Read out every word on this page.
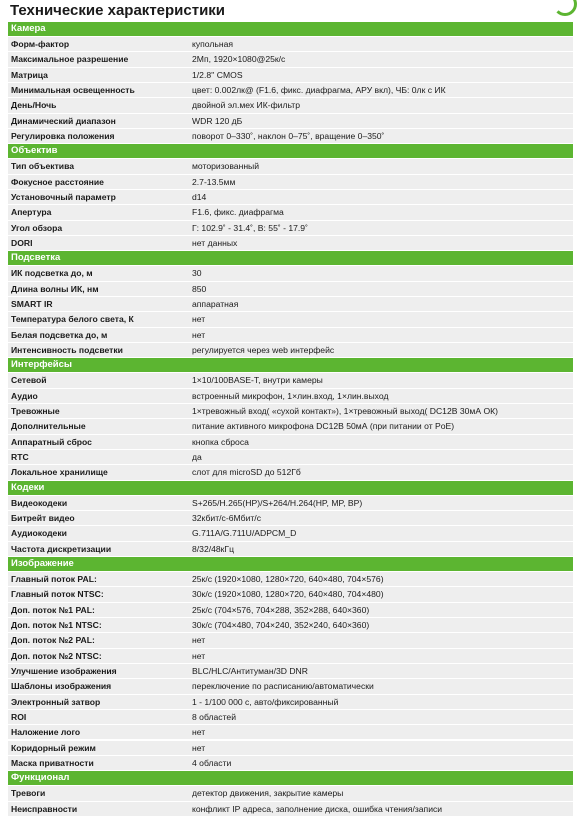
Технические характеристики
Камера
Форм-фактор	купольная
Максимальное разрешение	2Мп, 1920×1080@25к/с
Матрица	1/2.8'' CMOS
Минимальная освещенность	цвет: 0.002лк@ (F1.6, фикс. диафрагма, АРУ вкл), ЧБ: 0лк с ИК
День/Ночь	двойной эл.мех ИК-фильтр
Динамический диапазон	WDR 120 дБ
Регулировка положения	поворот 0–330˚, наклон 0–75˚, вращение 0–350˚
Объектив
Тип объектива	моторизованный
Фокусное расстояние	2.7-13.5мм
Установочный параметр	d14
Апертура	F1.6, фикс. диафрагма
Угол обзора	Г: 102.9˚ - 31.4˚, В: 55˚ - 17.9˚
DORI	нет данных
Подсветка
ИК подсветка до, м	30
Длина волны ИК, нм	850
SMART IR	аппаратная
Температура белого света, К	нет
Белая подсветка до, м	нет
Интенсивность подсветки	регулируется через web интерфейс
Интерфейсы
Сетевой	1×10/100BASE-T, внутри камеры
Аудио	встроенный микрофон, 1×лин.вход, 1×лин.выход
Тревожные	1×тревожный вход( «сухой контакт»), 1×тревожный выход( DC12В 30мА ОК)
Дополнительные	питание активного микрофона DC12В 50мА (при питании от PoE)
Аппаратный сброс	кнопка сброса
RTC	да
Локальное хранилище	слот для microSD до 512Гб
Кодеки
Видеокодеки	S+265/H.265(HP)/S+264/H.264(HP, MP, BP)
Битрейт видео	32кбит/с-6Мбит/с
Аудиокодеки	G.711A/G.711U/ADPCM_D
Частота дискретизации	8/32/48кГц
Изображение
Главный поток PAL:	25к/с (1920×1080, 1280×720, 640×480, 704×576)
Главный поток NTSC:	30к/с (1920×1080, 1280×720, 640×480, 704×480)
Доп. поток №1 PAL:	25к/с (704×576, 704×288, 352×288, 640×360)
Доп. поток №1 NTSC:	30к/с (704×480, 704×240, 352×240, 640×360)
Доп. поток №2 PAL:	нет
Доп. поток №2 NTSC:	нет
Улучшение изображения	BLC/HLC/Антитуман/3D DNR
Шаблоны изображения	переключение по расписанию/автоматически
Электронный затвор	1 - 1/100 000 с, авто/фиксированный
ROI	8 областей
Наложение лого	нет
Коридорный режим	нет
Маска приватности	4 области
Функционал
Тревоги	детектор движения, закрытие камеры
Неисправности	конфликт IP адреса, заполнение диска, ошибка чтения/записи
